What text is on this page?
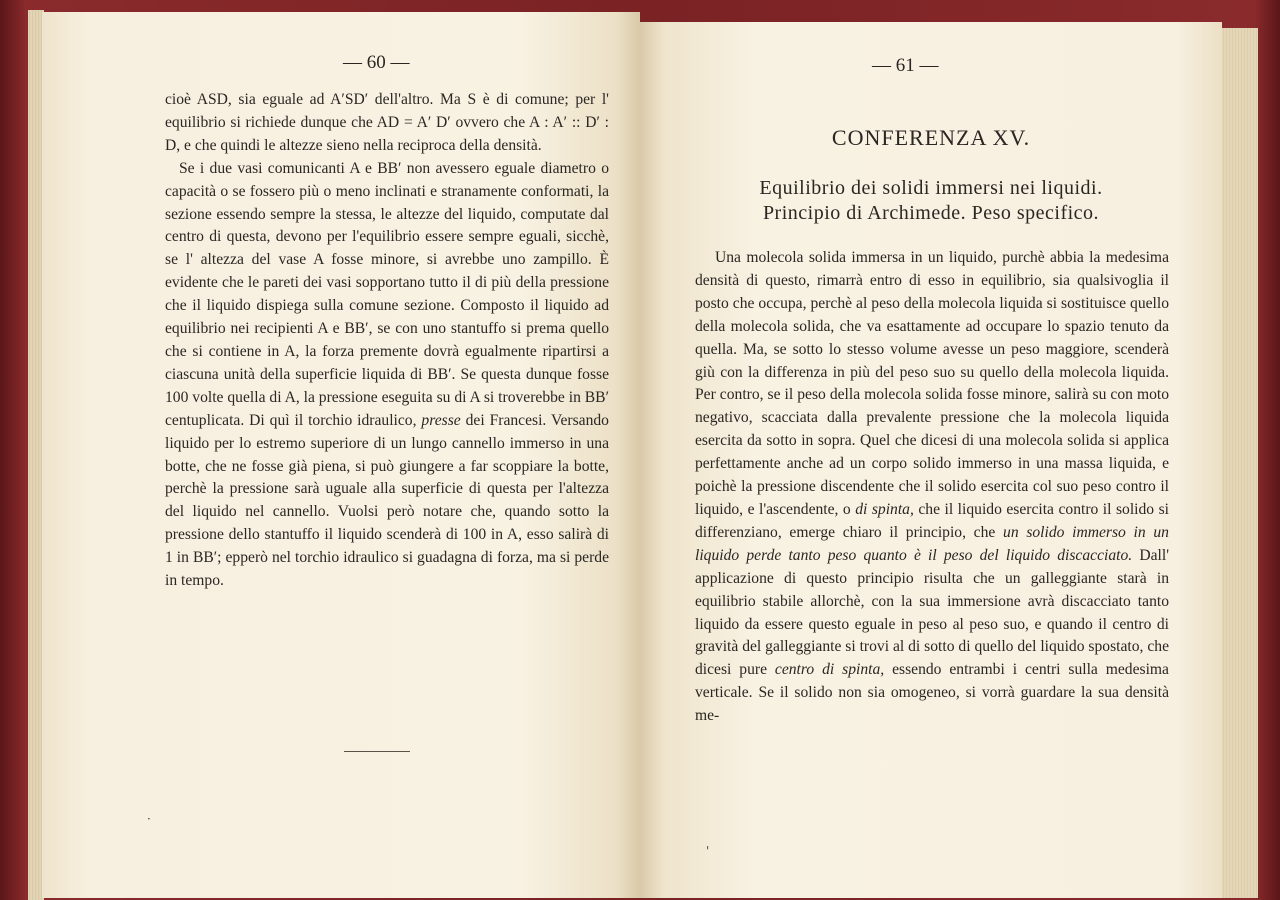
— 60 —

cioè ASD, sia eguale ad A′SD′ dell'altro. Ma S è di comune; per l' equilibrio si richiede dunque che AD = A′ D′ ovvero che A : A′ :: D′ : D, e che quindi le altezze sieno nella reciproca della densità.

Se i due vasi comunicanti A e BB′ non avessero eguale diametro o capacità o se fossero più o meno inclinati e stranamente conformati, la sezione essendo sempre la stessa, le altezze del liquido, computate dal centro di questa, devono per l'equilibrio essere sempre eguali, sicchè, se l' altezza del vase A fosse minore, si avrebbe uno zampillo. È evidente che le pareti dei vasi sopportano tutto il di più della pressione che il liquido dispiega sulla comune sezione. Composto il liquido ad equilibrio nei recipienti A e BB′, se con uno stantuffo si prema quello che si contiene in A, la forza premente dovrà egualmente ripartirsi a ciascuna unità della superficie liquida di BB′. Se questa dunque fosse 100 volte quella di A, la pressione eseguita su di A si troverebbe in BB′ centuplicata. Di quì il torchio idraulico, presse dei Francesi. Versando liquido per lo estremo superiore di un lungo cannello immerso in una botte, che ne fosse già piena, si può giungere a far scoppiare la botte, perchè la pressione sarà uguale alla superficie di questa per l'altezza del liquido nel cannello. Vuolsi però notare che, quando sotto la pressione dello stantuffo il liquido scenderà di 100 in A, esso salirà di 1 in BB′; epperò nel torchio idraulico si guadagna di forza, ma si perde in tempo.

·
— 61 —
CONFERENZA XV.
Equilibrio dei solidi immersi nei liquidi.
Principio di Archimede. Peso specifico.

Una molecola solida immersa in un liquido, purchè abbia la medesima densità di questo, rimarrà entro di esso in equilibrio, sia qualsivoglia il posto che occupa, perchè al peso della molecola liquida si sostituisce quello della molecola solida, che va esattamente ad occupare lo spazio tenuto da quella. Ma, se sotto lo stesso volume avesse un peso maggiore, scenderà giù con la differenza in più del peso suo su quello della molecola liquida. Per contro, se il peso della molecola solida fosse minore, salirà su con moto negativo, scacciata dalla prevalente pressione che la molecola liquida esercita da sotto in sopra. Quel che dicesi di una molecola solida si applica perfettamente anche ad un corpo solido immerso in una massa liquida, e poichè la pressione discendente che il solido esercita col suo peso contro il liquido, e l'ascendente, o di spinta, che il liquido esercita contro il solido si differenziano, emerge chiaro il principio, che un solido immerso in un liquido perde tanto peso quanto è il peso del liquido discacciato. Dall' applicazione di questo principio risulta che un galleggiante starà in equilibrio stabile allorchè, con la sua immersione avrà discacciato tanto liquido da essere questo eguale in peso al peso suo, e quando il centro di gravità del galleggiante si trovi al di sotto di quello del liquido spostato, che dicesi pure centro di spinta, essendo entrambi i centri sulla medesima verticale. Se il solido non sia omogeneo, si vorrà guardare la sua densità me-

'
